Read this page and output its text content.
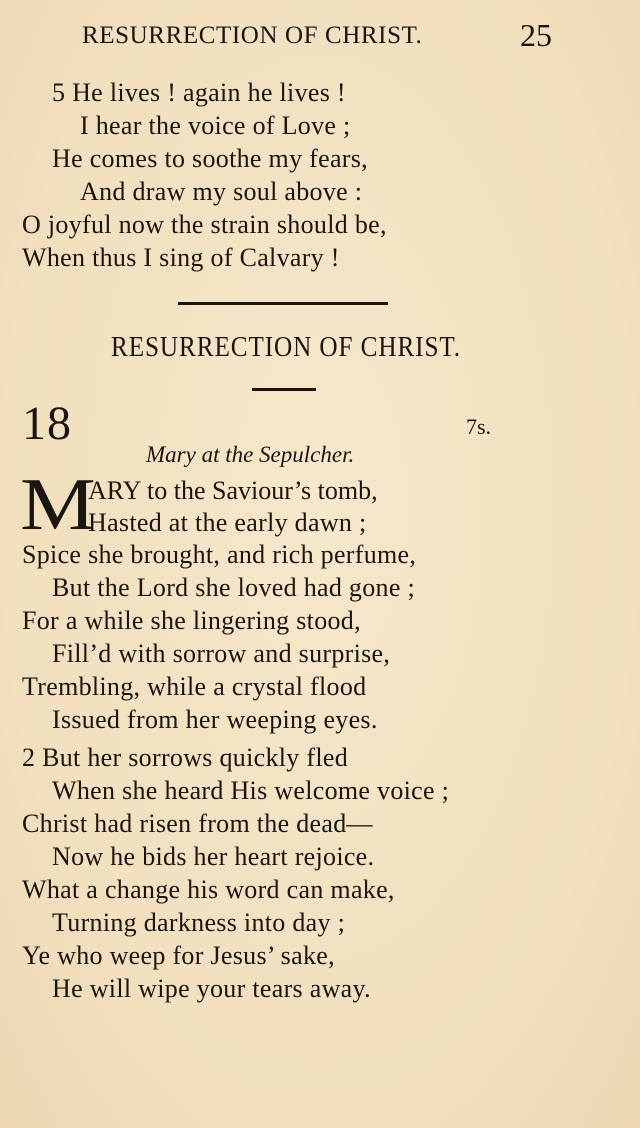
RESURRECTION OF CHRIST.	25
5 He lives ! again he lives !
I hear the voice of Love ;
He comes to soothe my fears,
And draw my soul above :
O joyful now the strain should be,
When thus I sing of Calvary !
RESURRECTION OF CHRIST.
18	7s.
Mary at the Sepulcher.
M
ARY to the Saviour’s tomb,
Hasted at the early dawn ;
Spice she brought, and rich perfume,
But the Lord she loved had gone ;
For a while she lingering stood,
Fill’d with sorrow and surprise,
Trembling, while a crystal flood
Issued from her weeping eyes.
2 But her sorrows quickly fled
When she heard His welcome voice ;
Christ had risen from the dead—
Now he bids her heart rejoice.
What a change his word can make,
Turning darkness into day ;
Ye who weep for Jesus’ sake,
He will wipe your tears away.
